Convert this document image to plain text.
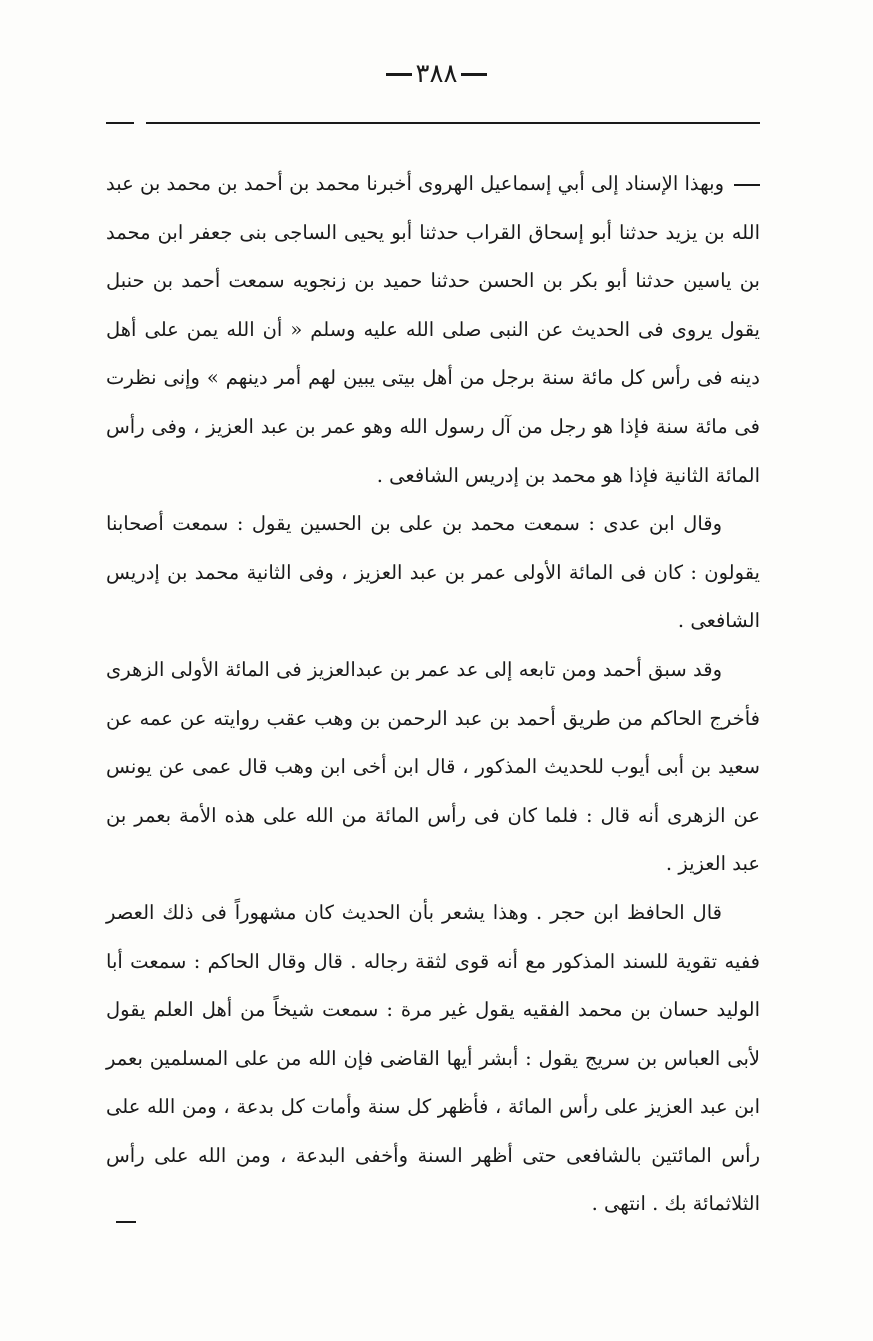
٣٨٨

وبهذا الإسناد إلى أبي إسماعيل الهروى أخبرنا محمد بن أحمد بن محمد بن عبد الله بن يزيد حدثنا أبو إسحاق القراب حدثنا أبو يحيى الساجى بنى جعفر ابن محمد بن ياسين حدثنا أبو بكر بن الحسن حدثنا حميد بن زنجويه سمعت أحمد بن حنبل يقول يروى فى الحديث عن النبى صلى الله عليه وسلم « أن الله يمن على أهل دينه فى رأس كل مائة سنة برجل من أهل بيتى يبين لهم أمر دينهم » وإنى نظرت فى مائة سنة فإذا هو رجل من آل رسول الله وهو عمر بن عبد العزيز ، وفى رأس المائة الثانية فإذا هو محمد بن إدريس الشافعى .

وقال ابن عدى : سمعت محمد بن على بن الحسين يقول : سمعت أصحابنا يقولون : كان فى المائة الأولى عمر بن عبد العزيز ، وفى الثانية محمد بن إدريس الشافعى .

وقد سبق أحمد ومن تابعه إلى عد عمر بن عبدالعزيز فى المائة الأولى الزهرى فأخرج الحاكم من طريق أحمد بن عبد الرحمن بن وهب عقب روايته عن عمه عن سعيد بن أبى أيوب للحديث المذكور ، قال ابن أخى ابن وهب قال عمى عن يونس عن الزهرى أنه قال : فلما كان فى رأس المائة من الله على هذه الأمة بعمر بن عبد العزيز .

قال الحافظ ابن حجر . وهذا يشعر بأن الحديث كان مشهوراً فى ذلك العصر ففيه تقوية للسند المذكور مع أنه قوى لثقة رجاله . قال وقال الحاكم : سمعت أبا الوليد حسان بن محمد الفقيه يقول غير مرة : سمعت شيخاً من أهل العلم يقول لأبى العباس بن سريج يقول : أبشر أيها القاضى فإن الله من على المسلمين بعمر ابن عبد العزيز على رأس المائة ، فأظهر كل سنة وأمات كل بدعة ، ومن الله على رأس المائتين بالشافعى حتى أظهر السنة وأخفى البدعة ، ومن الله على رأس الثلاثمائة بك . انتهى .
